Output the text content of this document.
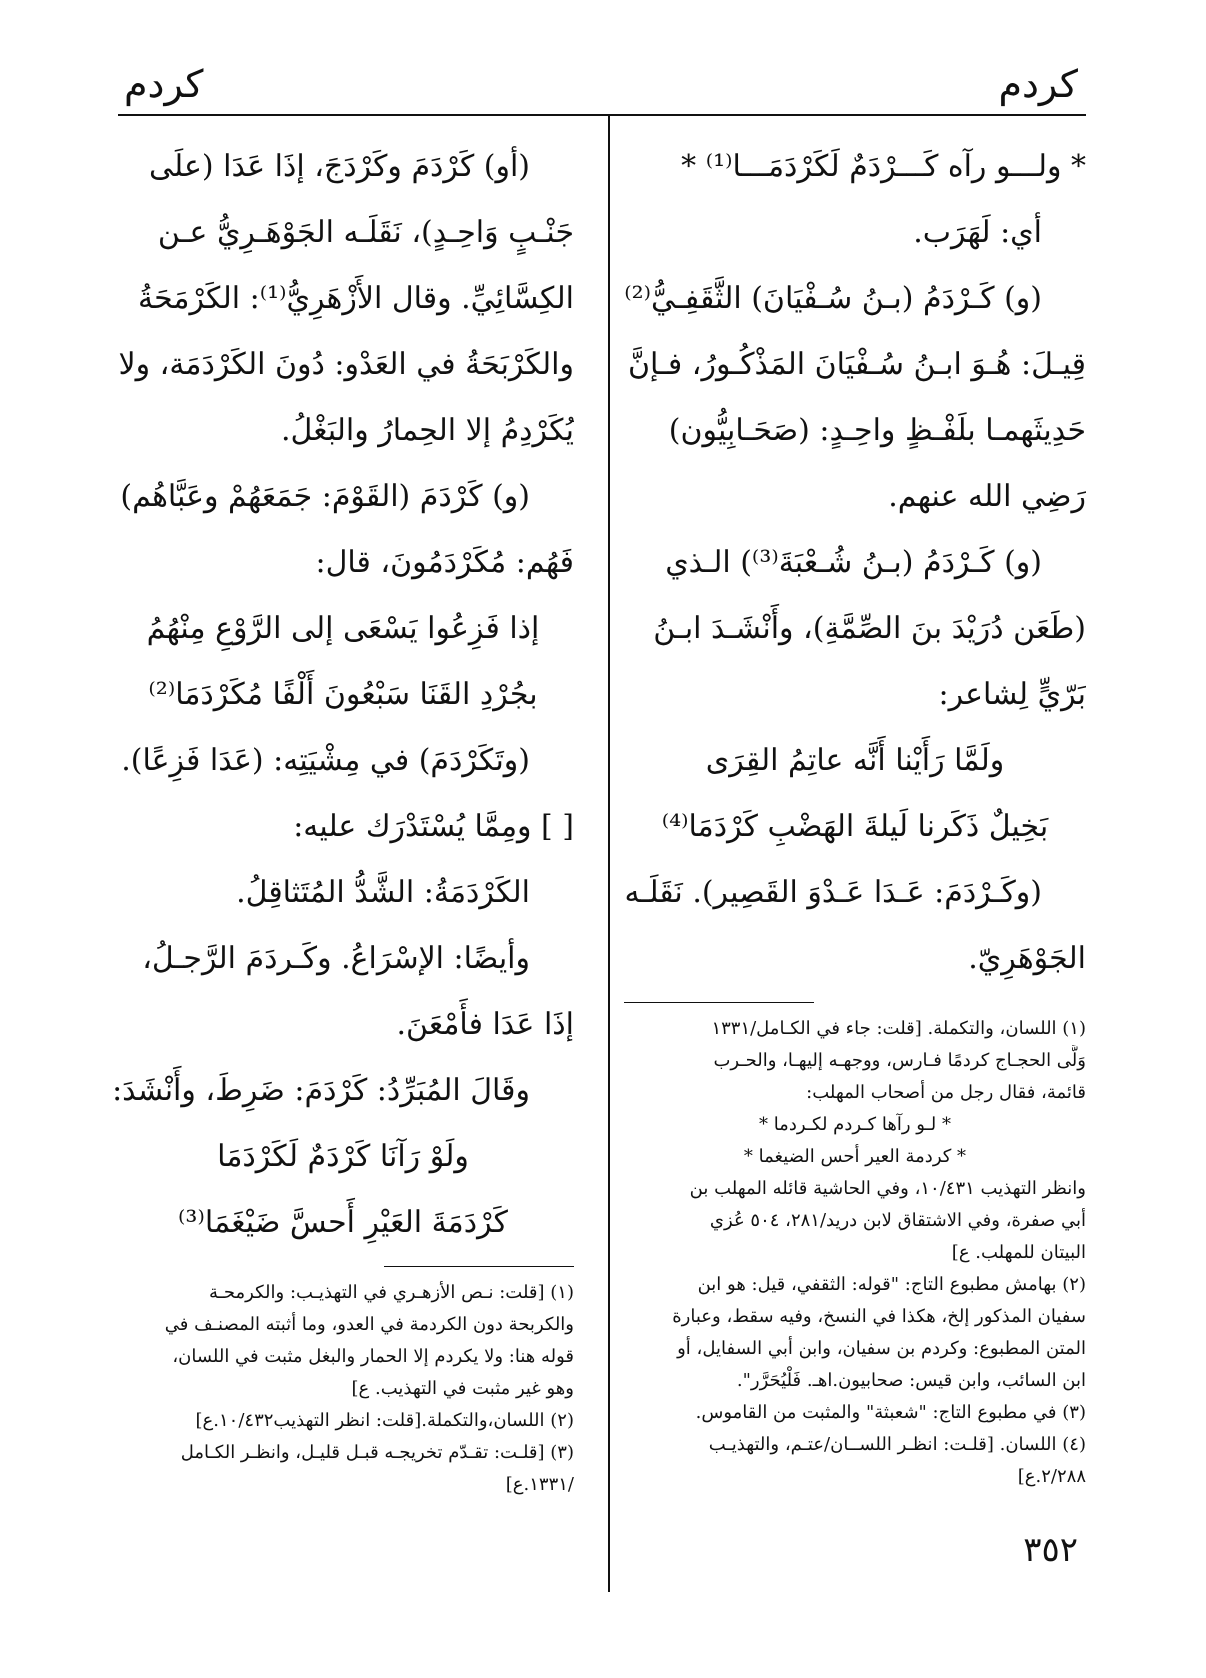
كردم
كردم

* ولـــو رآه كَـــرْدَمٌ لَكَرْدَمَـــا⁽¹⁾ *

أي: لَهَرَب.

(و) كَـرْدَمُ (بـنُ سُـفْيَانَ) الثَّقَفِـيُّ⁽²⁾

قِيـلَ: هُـوَ ابـنُ سُـفْيَانَ المَذْكُـورُ، فـإنَّ

حَدِيثَهمـا بلَفْـظٍ واحِـدٍ: (صَحَـابِيُّون)

رَضِي الله عنهم.

(و) كَـرْدَمُ (بـنُ شُـعْبَةَ⁽³⁾) الـذي

(طَعَن دُرَيْدَ بنَ الصِّمَّةِ)، وأَنْشَـدَ ابـنُ

بَرّيٍّ لِشاعر:

ولَمَّا رَأَيْنا أَنَّه عاتِمُ القِرَى

بَخِيلٌ ذَكَرنا لَيلةَ الهَضْبِ كَرْدَمَا⁽⁴⁾

(وكَـرْدَمَ: عَـدَا عَـدْوَ القَصِير). نَقَلَـه

الجَوْهَرِيّ.

(١) اللسان، والتكملة. [قلت: جاء في الكـامل/١٣٣١

وَلَّى الحجـاج كردمًا فـارس، ووجهـه إليهـا، والحـرب

قائمة، فقال رجل من أصحاب المهلب:

* لـو رآها كـردم لكـردما *

* كردمة العير أحس الضيغما *

وانظر التهذيب ١٠/٤٣١، وفي الحاشية قائله المهلب بن

أبي صفرة، وفي الاشتقاق لابن دريد/٢٨١، ٥٠٤ عُزي

البيتان للمهلب. ع]

(٢) بهامش مطبوع التاج: "قوله: الثقفي، قيل: هو ابن

سفيان المذكور إلخ، هكذا في النسخ، وفيه سقط، وعبارة

المتن المطبوع: وكردم بن سفيان، وابن أبي السفايل، أو

ابن السائب، وابن قيس: صحابيون.اهـ. فَلْيُحَرَّر".

(٣) في مطبوع التاج: "شعبثة" والمثبت من القاموس.

(٤) اللسان. [قلـت: انظـر اللســان/عتـم، والتهذيـب

٢/٢٨٨.ع]

(أو) كَرْدَمَ وكَرْدَجَ، إذَا عَدَا (علَى

جَنْـبٍ وَاحِـدٍ)، نَقَلَـه الجَوْهَـرِيُّ عـن

الكِسَّائِيِّ. وقال الأَزْهَرِيُّ⁽¹⁾: الكَرْمَحَةُ

والكَرْبَحَةُ في العَدْو: دُونَ الكَرْدَمَة، ولا

يُكَرْدِمُ إلا الحِمارُ والبَغْلُ.

(و) كَرْدَمَ (القَوْمَ: جَمَعَهُمْ وعَبَّاهُم)

فَهُم: مُكَرْدَمُونَ، قال:

إذا فَزِعُوا يَسْعَى إلى الرَّوْعِ مِنْهُمُ

بجُرْدِ القَنَا سَبْعُونَ أَلْفًا مُكَرْدَمَا⁽²⁾

(وتَكَرْدَمَ) في مِشْيَتِه: (عَدَا فَزِعًا).

[ ] ومِمَّا يُسْتَدْرَك عليه:

الكَرْدَمَةُ: الشَّدُّ المُتَثاقِلُ.

وأيضًا: الإسْرَاعُ. وكَـردَمَ الرَّجـلُ،

إذَا عَدَا فأَمْعَنَ.

وقَالَ المُبَرِّدُ: كَرْدَمَ: ضَرِطَ، وأَنْشَدَ:

ولَوْ رَآنَا كَرْدَمٌ لَكَرْدَمَا

كَرْدَمَةَ العَيْرِ أَحسَّ ضَيْغَمَا⁽³⁾

(١) [قلت: نـص الأزهـري في التهذيـب: والكرمحـة

والكربحة دون الكردمة في العدو، وما أثبته المصنـف في

قوله هنا: ولا يكردم إلا الحمار والبغل مثبت في اللسان،

وهو غير مثبت في التهذيب. ع]

(٢) اللسان،والتكملة.[قلت: انظر التهذيب١٠/٤٣٢.ع]

(٣) [قلـت: تقـدّم تخريجـه قبـل قليـل، وانظـر الكـامل

/١٣٣١.ع]

٣٥٢
